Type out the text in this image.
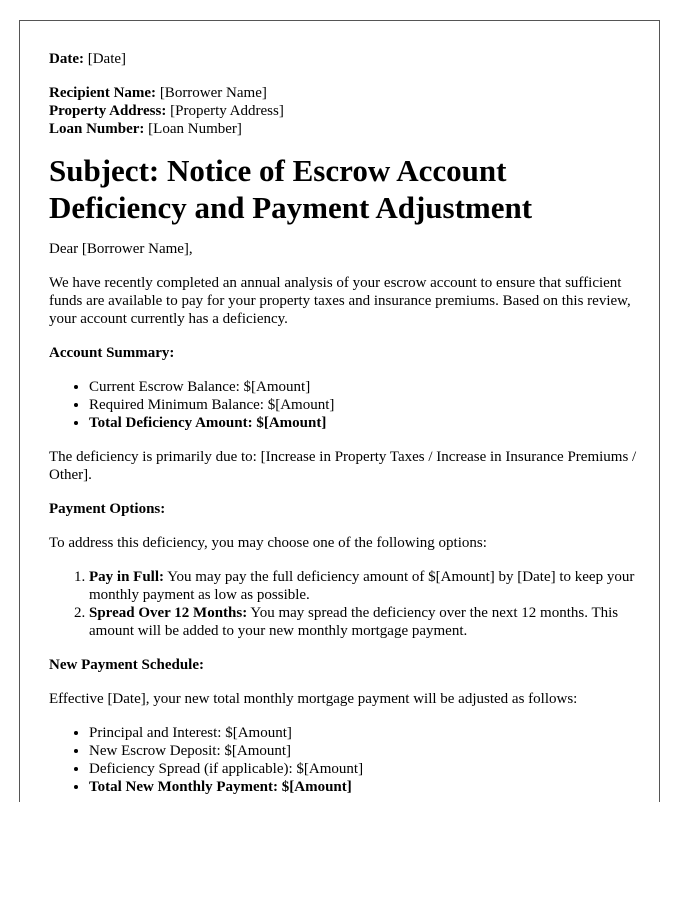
Date: [Date]

Recipient Name: [Borrower Name]

Property Address: [Property Address]

Loan Number: [Loan Number]

Subject: Notice of Escrow Account Deficiency and Payment Adjustment

Dear [Borrower Name],

We have recently completed an annual analysis of your escrow account to ensure that sufficient funds are available to pay for your property taxes and insurance premiums. Based on this review, your account currently has a deficiency.

Account Summary:

• Current Escrow Balance: $[Amount]
• Required Minimum Balance: $[Amount]
• Total Deficiency Amount: $[Amount]

The deficiency is primarily due to: [Increase in Property Taxes / Increase in Insurance Premiums / Other].

Payment Options:

To address this deficiency, you may choose one of the following options:

1. Pay in Full: You may pay the full deficiency amount of $[Amount] by [Date] to keep your monthly payment as low as possible.
2. Spread Over 12 Months: You may spread the deficiency over the next 12 months. This amount will be added to your new monthly mortgage payment.

New Payment Schedule:

Effective [Date], your new total monthly mortgage payment will be adjusted as follows:

• Principal and Interest: $[Amount]
• New Escrow Deposit: $[Amount]
• Deficiency Spread (if applicable): $[Amount]
• Total New Monthly Payment: $[Amount]
